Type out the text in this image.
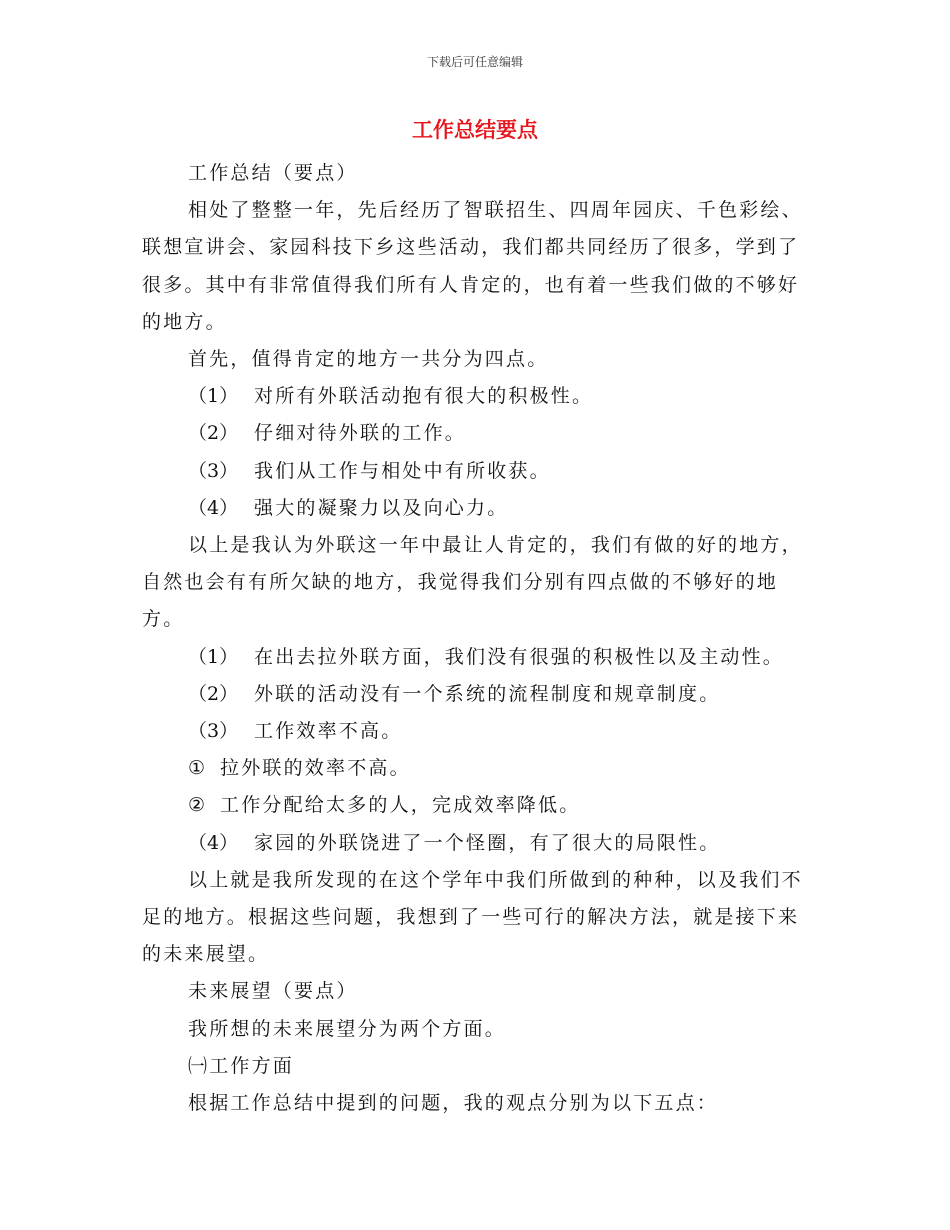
下载后可任意编辑
工作总结要点

工作总结（要点）

相处了整整一年，先后经历了智联招生、四周年园庆、千色彩绘、联想宣讲会、家园科技下乡这些活动，我们都共同经历了很多，学到了很多。其中有非常值得我们所有人肯定的，也有着一些我们做的不够好的地方。

首先，值得肯定的地方一共分为四点。

（1） 对所有外联活动抱有很大的积极性。

（2） 仔细对待外联的工作。

（3） 我们从工作与相处中有所收获。

（4） 强大的凝聚力以及向心力。

以上是我认为外联这一年中最让人肯定的，我们有做的好的地方，自然也会有有所欠缺的地方，我觉得我们分别有四点做的不够好的地方。

（1） 在出去拉外联方面，我们没有很强的积极性以及主动性。

（2） 外联的活动没有一个系统的流程制度和规章制度。

（3） 工作效率不高。

① 拉外联的效率不高。

② 工作分配给太多的人，完成效率降低。

（4） 家园的外联饶进了一个怪圈，有了很大的局限性。

以上就是我所发现的在这个学年中我们所做到的种种，以及我们不足的地方。根据这些问题，我想到了一些可行的解决方法，就是接下来的未来展望。

未来展望（要点）

我所想的未来展望分为两个方面。

㈠工作方面

根据工作总结中提到的问题，我的观点分别为以下五点：
